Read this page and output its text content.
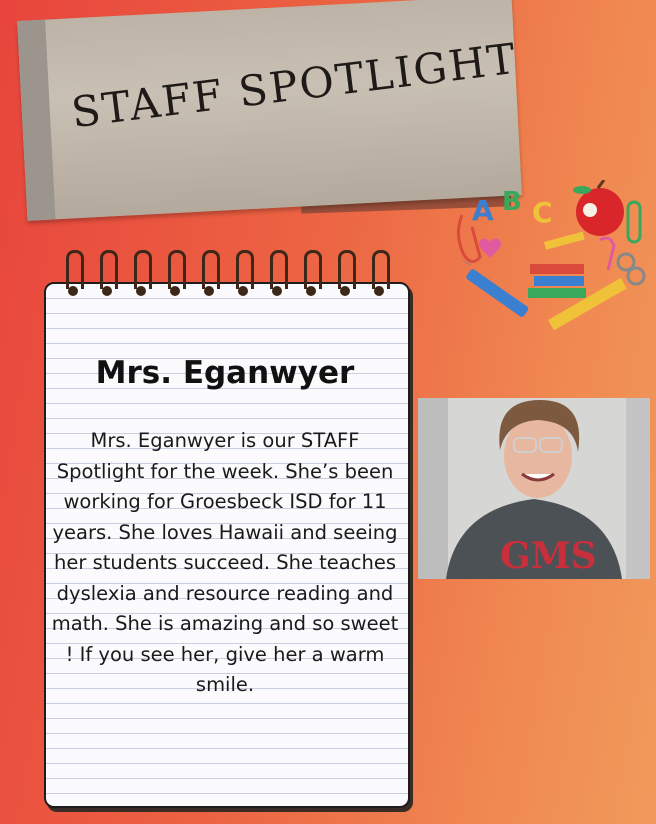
STAFF SPOTLIGHT
A B C
Mrs. Eganwyer
Mrs. Eganwyer is our STAFF Spotlight for the week. She’s been working for Groesbeck ISD for 11 years. She loves Hawaii and seeing her students succeed. She teaches dyslexia and resource reading and math. She is amazing and so sweet ! If you see her, give her a warm smile.
GMS
